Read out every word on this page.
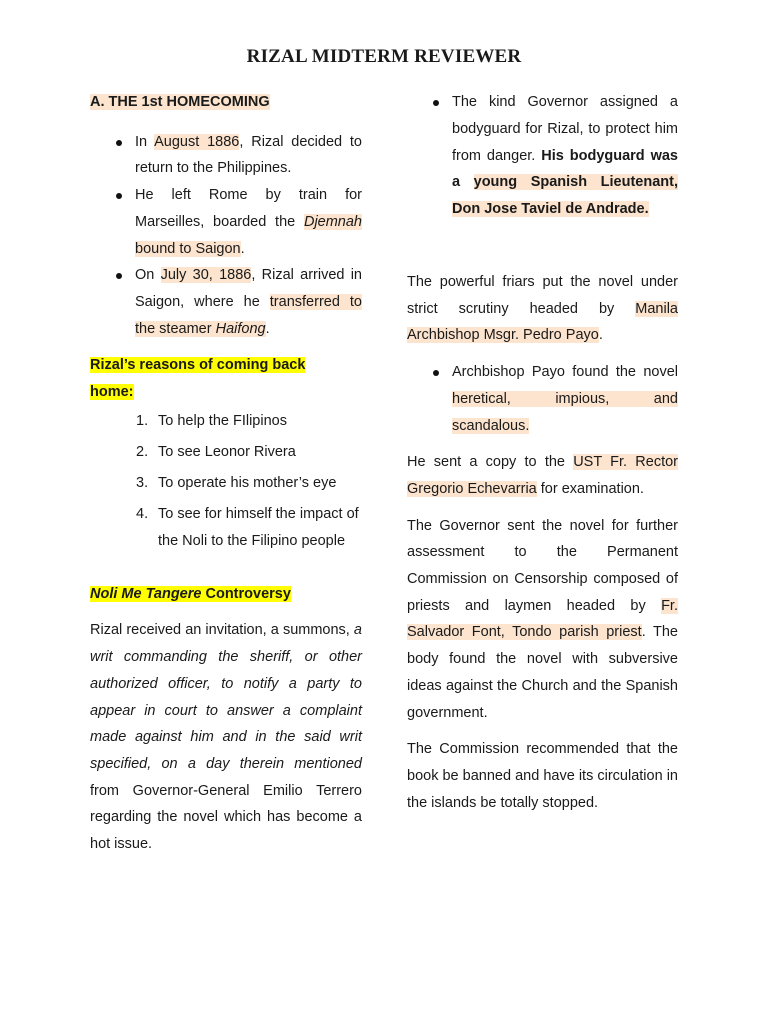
RIZAL MIDTERM REVIEWER
A. THE 1st HOMECOMING
In August 1886, Rizal decided to return to the Philippines.
He left Rome by train for Marseilles, boarded the Djemnah bound to Saigon.
On July 30, 1886, Rizal arrived in Saigon, where he transferred to the steamer Haifong.
Rizal’s reasons of coming back home:
1. To help the FIlipinos
2. To see Leonor Rivera
3. To operate his mother’s eye
4. To see for himself the impact of the Noli to the Filipino people
Noli Me Tangere Controversy

Rizal received an invitation, a summons, a writ commanding the sheriff, or other authorized officer, to notify a party to appear in court to answer a complaint made against him and in the said writ specified, on a day therein mentioned from Governor-General Emilio Terrero regarding the novel which has become a hot issue.

The kind Governor assigned a bodyguard for Rizal, to protect him from danger. His bodyguard was a young Spanish Lieutenant, Don Jose Taviel de Andrade.

The powerful friars put the novel under strict scrutiny headed by Manila Archbishop Msgr. Pedro Payo.

Archbishop Payo found the novel heretical, impious, and scandalous.

He sent a copy to the UST Fr. Rector Gregorio Echevarria for examination.

The Governor sent the novel for further assessment to the Permanent Commission on Censorship composed of priests and laymen headed by Fr. Salvador Font, Tondo parish priest. The body found the novel with subversive ideas against the Church and the Spanish government.

The Commission recommended that the book be banned and have its circulation in the islands be totally stopped.
